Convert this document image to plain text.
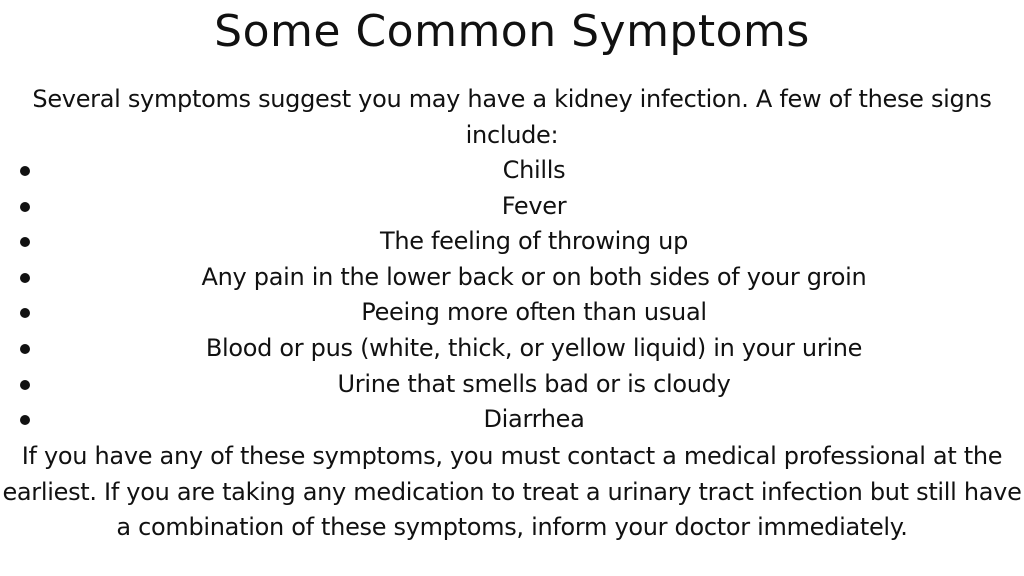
Some Common Symptoms

Several symptoms suggest you may have a kidney infection. A few of these signs include:

Chills
Fever
The feeling of throwing up
Any pain in the lower back or on both sides of your groin
Peeing more often than usual
Blood or pus (white, thick, or yellow liquid) in your urine
Urine that smells bad or is cloudy
Diarrhea

If you have any of these symptoms, you must contact a medical professional at the earliest. If you are taking any medication to treat a urinary tract infection but still have a combination of these symptoms, inform your doctor immediately.
